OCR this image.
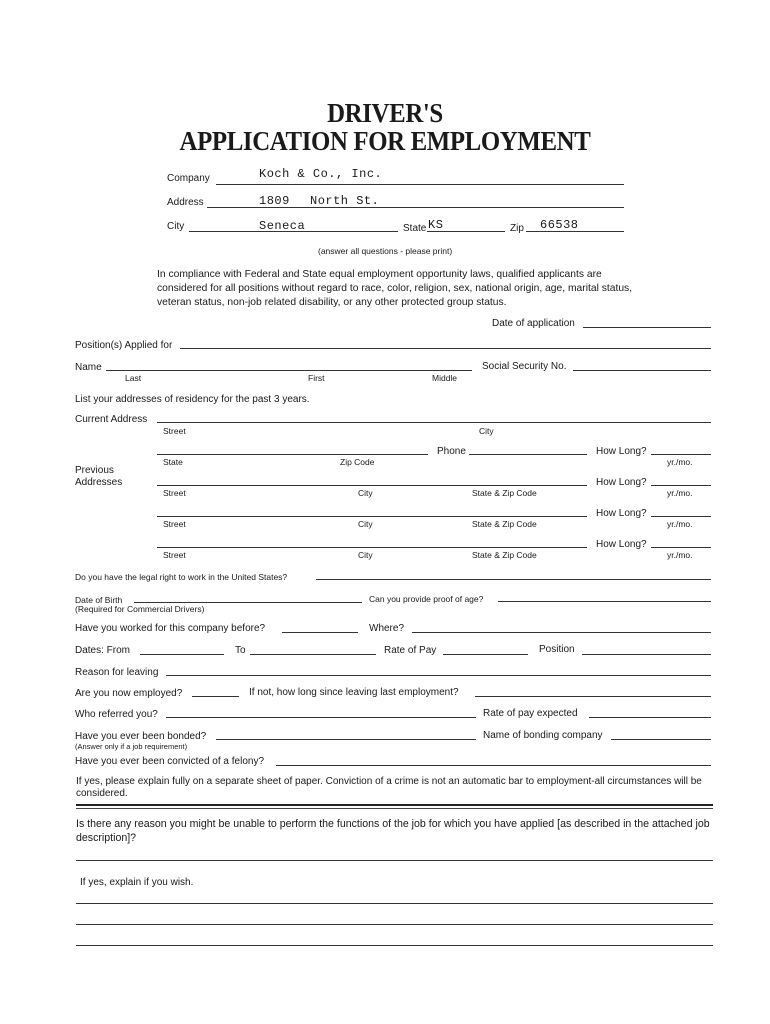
DRIVER'S
APPLICATION FOR EMPLOYMENT
Company	Koch & Co., Inc.
Address	1809 North St.
City	Seneca	State KS	Zip 66538
(answer all questions - please print)
In compliance with Federal and State equal employment opportunity laws, qualified applicants are considered for all positions without regard to race, color, religion, sex, national origin, age, marital status, veteran status, non-job related disability, or any other protected group status.
Date of application
Position(s) Applied for
Name	Social Security No.
Last	First	Middle
List your addresses of residency for the past 3 years.
Current Address
Street	City
Phone	How Long?
State	Zip Code	yr./mo.
Previous
Addresses	How Long?
Street	City	State & Zip Code	yr./mo.
How Long?
Street	City	State & Zip Code	yr./mo.
How Long?
Street	City	State & Zip Code	yr./mo.
Do you have the legal right to work in the United States?
Date of Birth
(Required for Commercial Drivers)
Can you provide proof of age?
Have you worked for this company before?	Where?
Dates: From	To	Rate of Pay	Position
Reason for leaving
Are you now employed?	If not, how long since leaving last employment?
Who referred you?	Rate of pay expected
Have you ever been bonded?	Name of bonding company
(Answer only if a job requirement)
Have you ever been convicted of a felony?
If yes, please explain fully on a separate sheet of paper. Conviction of a crime is not an automatic bar to employment-all circumstances will be considered.
Is there any reason you might be unable to perform the functions of the job for which you have applied [as described in the attached job description]?
If yes, explain if you wish.
